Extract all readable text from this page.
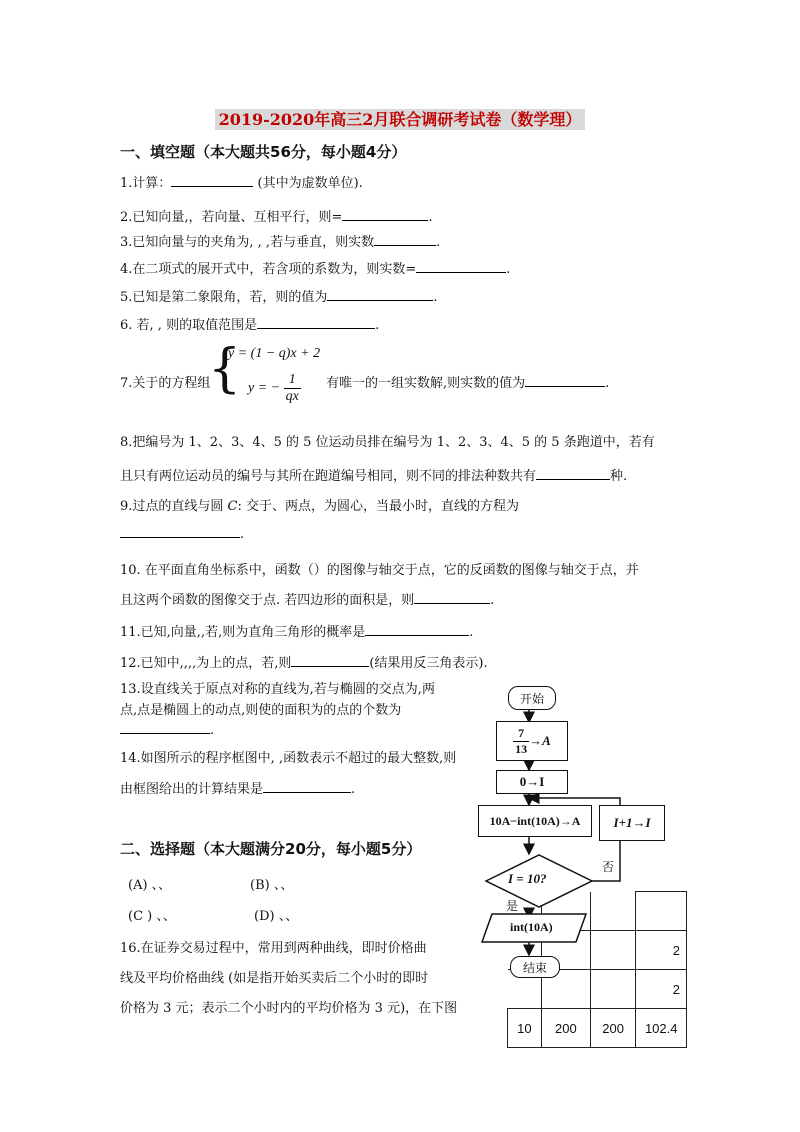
2019-2020年高三2月联合调研考试卷（数学理）
一、填空题（本大题共56分，每小题4分）
1.计算：	(其中为虚数单位).
2.已知向量,，若向量、互相平行，则=	.
3.已知向量与的夹角为, , ,若与垂直，则实数	.
4.在二项式的展开式中，若含项的系数为，则实数=	.
5.已知是第二象限角，若，则的值为	.
6. 若, , 则的取值范围是	.
7.关于的方程组
{
y = (1 − q)x + 2
y = − $\frac{1}{qx}$ 有唯一的一组实数解,则实数的值为	.
8.把编号为 1、2、3、4、5 的 5 位运动员排在编号为 1、2、3、4、5 的 5 条跑道中，若有
且只有两位运动员的编号与其所在跑道编号相同，则不同的排法种数共有	种.
9.过点的直线与圆 C: 交于、两点，为圆心，当最小时，直线的方程为
.
10. 在平面直角坐标系中，函数（）的图像与轴交于点，它的反函数的图像与轴交于点，并
且这两个函数的图像交于点. 若四边形的面积是，则	.
11.已知,向量,,若,则为直角三角形的概率是	.
12.已知中,,,,为上的点，若,则	(结果用反三角表示).
13.设直线关于原点对称的直线为,若与椭圆的交点为,两
点,点是椭圆上的动点,则使的面积为的点的个数为
.
14.如图所示的程序框图中, ,函数表示不超过的最大整数,则
由框图给出的计算结果是	.
二、选择题（本大题满分20分，每小题5分）
(A) 、、	(B) 、、
(C ) 、、	(D) 、、
16.在证券交易过程中，常用到两种曲线，即时价格曲
线及平均价格曲线 (如是指开始买卖后二个小时的即时
价格为 3 元；表示二个小时内的平均价格为 3 元)，在下图

			2
			2
10	200	200	102.4
开始
$\frac{7}{13} \to A$
0→I
10A−int(10A)→A	I+1→I
I = 10?
否
是
int(10A)
结束
